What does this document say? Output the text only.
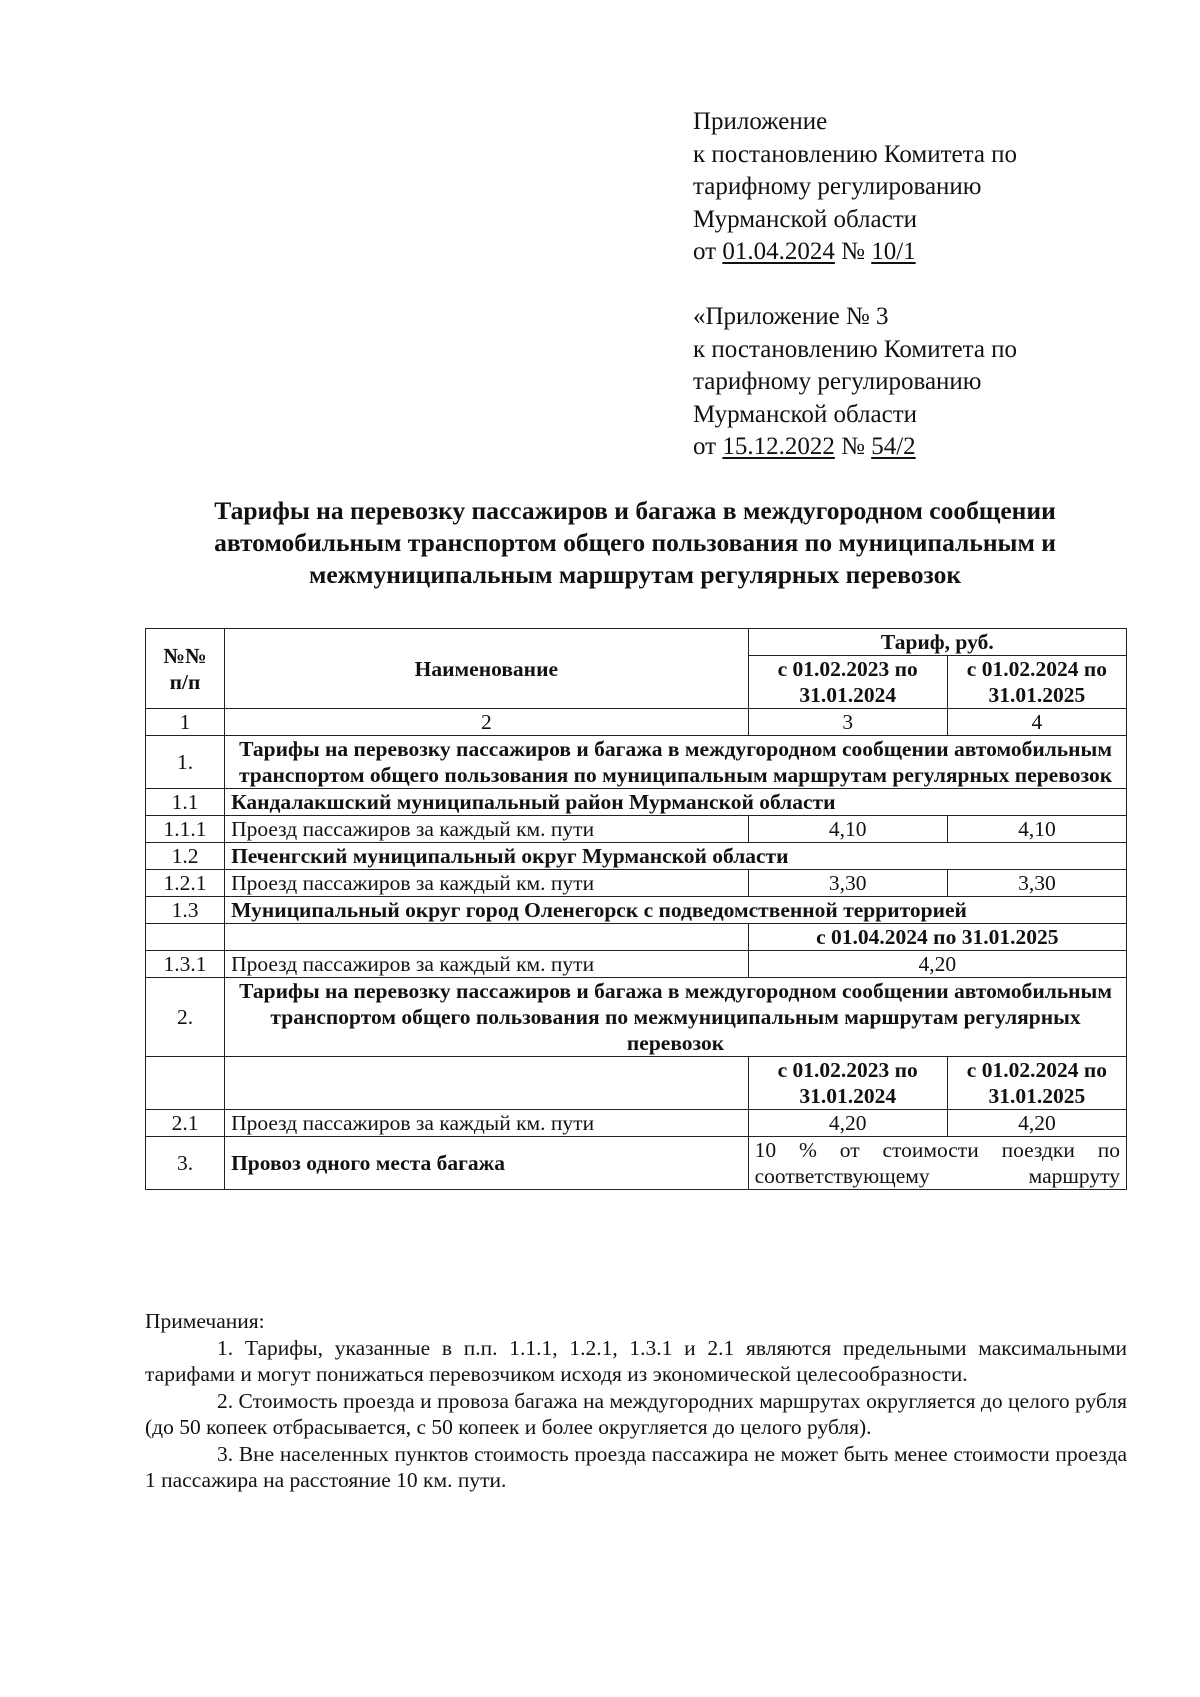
Приложение
к постановлению Комитета по
тарифному регулированию
Мурманской области
от 01.04.2024 № 10/1
«Приложение № 3
к постановлению Комитета по
тарифному регулированию
Мурманской области
от 15.12.2022 № 54/2
Тарифы на перевозку пассажиров и багажа в междугородном сообщении автомобильным транспортом общего пользования по муниципальным и межмуниципальным маршрутам регулярных перевозок
№№ п/п	Наименование	Тариф, руб.	
		с 01.02.2023 по 31.01.2024	с 01.02.2024 по 31.01.2025
1	2	3	4
1.	Тарифы на перевозку пассажиров и багажа в междугородном сообщении автомобильным транспортом общего пользования по муниципальным маршрутам регулярных перевозок		
1.1	Кандалакшский муниципальный район Мурманской области		
1.1.1	Проезд пассажиров за каждый км. пути	4,10	4,10
1.2	Печенгский муниципальный округ Мурманской области		
1.2.1	Проезд пассажиров за каждый км. пути	3,30	3,30
1.3	Муниципальный округ город Оленегорск с подведомственной территорией		
		с 01.04.2024 по 31.01.2025	
1.3.1	Проезд пассажиров за каждый км. пути	4,20	
2.	Тарифы на перевозку пассажиров и багажа в междугородном сообщении автомобильным транспортом общего пользования по межмуниципальным маршрутам регулярных перевозок		
		с 01.02.2023 по 31.01.2024	с 01.02.2024 по 31.01.2025
2.1	Проезд пассажиров за каждый км. пути	4,20	4,20
3.	Провоз одного места багажа	10 % от стоимости поездки по соответствующему маршруту	

Примечания:

1. Тарифы, указанные в п.п. 1.1.1, 1.2.1, 1.3.1 и 2.1 являются предельными максимальными тарифами и могут понижаться перевозчиком исходя из экономической целесообразности.

2. Стоимость проезда и провоза багажа на междугородних маршрутах округляется до целого рубля (до 50 копеек отбрасывается, с 50 копеек и более округляется до целого рубля).

3. Вне населенных пунктов стоимость проезда пассажира не может быть менее стоимости проезда 1 пассажира на расстояние 10 км. пути.
